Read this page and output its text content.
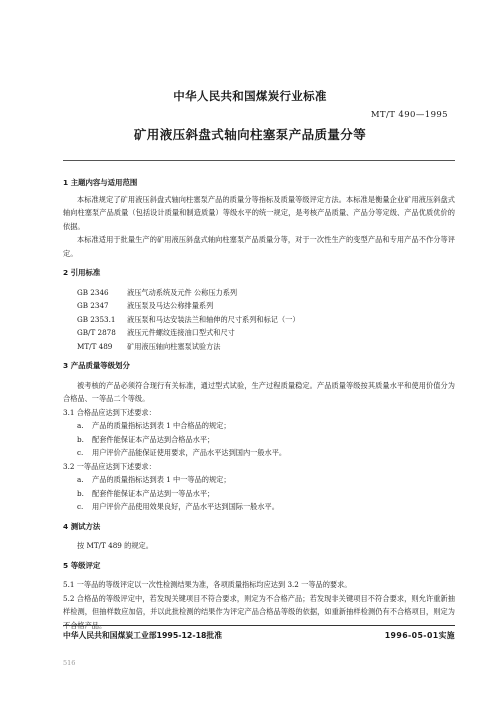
中华人民共和国煤炭行业标准
MT/T 490—1995
矿用液压斜盘式轴向柱塞泵产品质量分等

1 主题内容与适用范围

本标准规定了矿用液压斜盘式轴向柱塞泵产品的质量分等指标及质量等级评定方法。本标准是衡量企业矿用液压斜盘式轴向柱塞泵产品质量（包括设计质量和制造质量）等级水平的统一规定，是考核产品质量、产品分等定级、产品优质优价的依据。

本标准适用于批量生产的矿用液压斜盘式轴向柱塞泵产品质量分等，对于一次性生产的变型产品和专用产品不作分等评定。

2 引用标准

GB 2346	液压气动系统及元件 公称压力系列

GB 2347	液压泵及马达公称排量系列

GB 2353.1 液压泵和马达安装法兰和轴伸的尺寸系列和标记（一）

GB/T 2878 液压元件螺纹连接油口型式和尺寸

MT/T 489 矿用液压轴向柱塞泵试验方法

3 产品质量等级划分

被考核的产品必须符合现行有关标准，通过型式试验，生产过程质量稳定。产品质量等级按其质量水平和使用价值分为合格品、一等品二个等级。

3.1 合格品应达到下述要求：

a. 产品的质量指标达到表 1 中合格品的规定；

b. 配套件能保证本产品达到合格品水平；

c. 用户评价产品能保证使用要求，产品水平达到国内一般水平。

3.2 一等品应达到下述要求：

a. 产品的质量指标达到表 1 中一等品的规定；

b. 配套件能保证本产品达到一等品水平；

c. 用户评价产品使用效果良好，产品水平达到国际一般水平。

4 测试方法

按 MT/T 489 的规定。

5 等级评定

5.1 一等品的等级评定以一次性检测结果为准，各项质量指标均应达到 3.2 一等品的要求。

5.2 合格品的等级评定中，若发现关键项目不符合要求，则定为不合格产品；若发现非关键项目不符合要求，则允许重新抽样检测，但抽样数应加倍，并以此批检测的结果作为评定产品合格品等级的依据，如重新抽样检测仍有不合格项目，则定为不合格产品。

中华人民共和国煤炭工业部1995-12-18批准	1996-05-01实施
516
